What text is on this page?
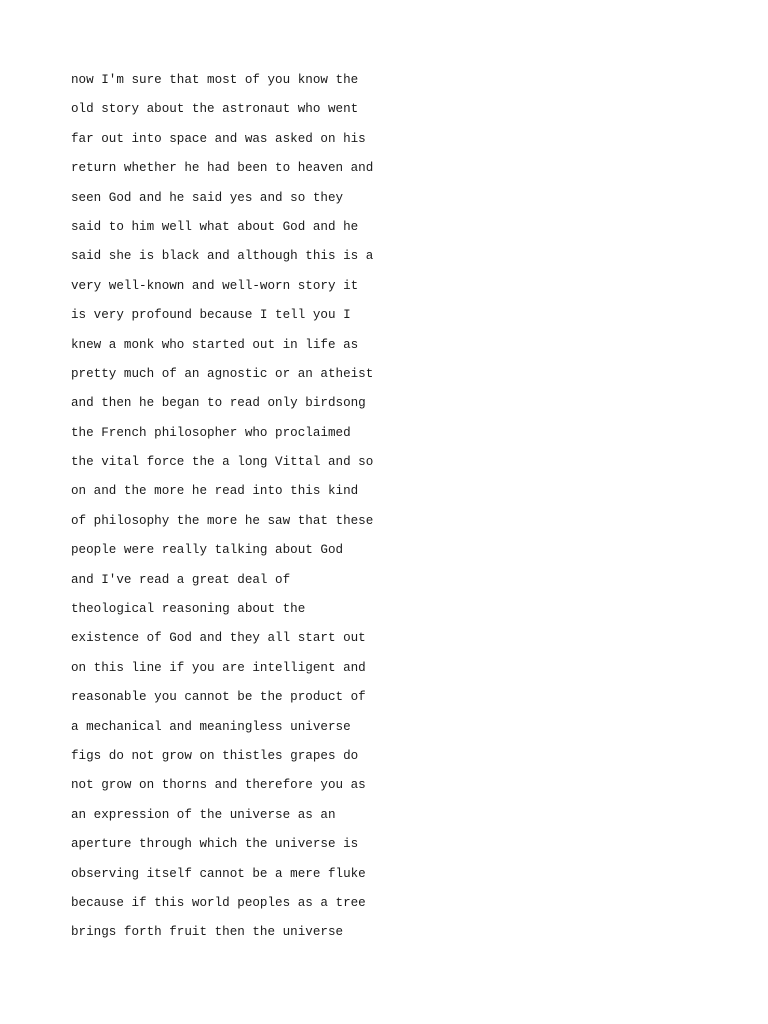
now I'm sure that most of you know the
old story about the astronaut who went
far out into space and was asked on his
return whether he had been to heaven and
seen God and he said yes and so they
said to him well what about God and he
said she is black and although this is a
very well-known and well-worn story it
is very profound because I tell you I
knew a monk who started out in life as
pretty much of an agnostic or an atheist
and then he began to read only birdsong
the French philosopher who proclaimed
the vital force the a long Vittal and so
on and the more he read into this kind
of philosophy the more he saw that these
people were really talking about God
and I've read a great deal of
theological reasoning about the
existence of God and they all start out
on this line if you are intelligent and
reasonable you cannot be the product of
a mechanical and meaningless universe
figs do not grow on thistles grapes do
not grow on thorns and therefore you as
an expression of the universe as an
aperture through which the universe is
observing itself cannot be a mere fluke
because if this world peoples as a tree
brings forth fruit then the universe
